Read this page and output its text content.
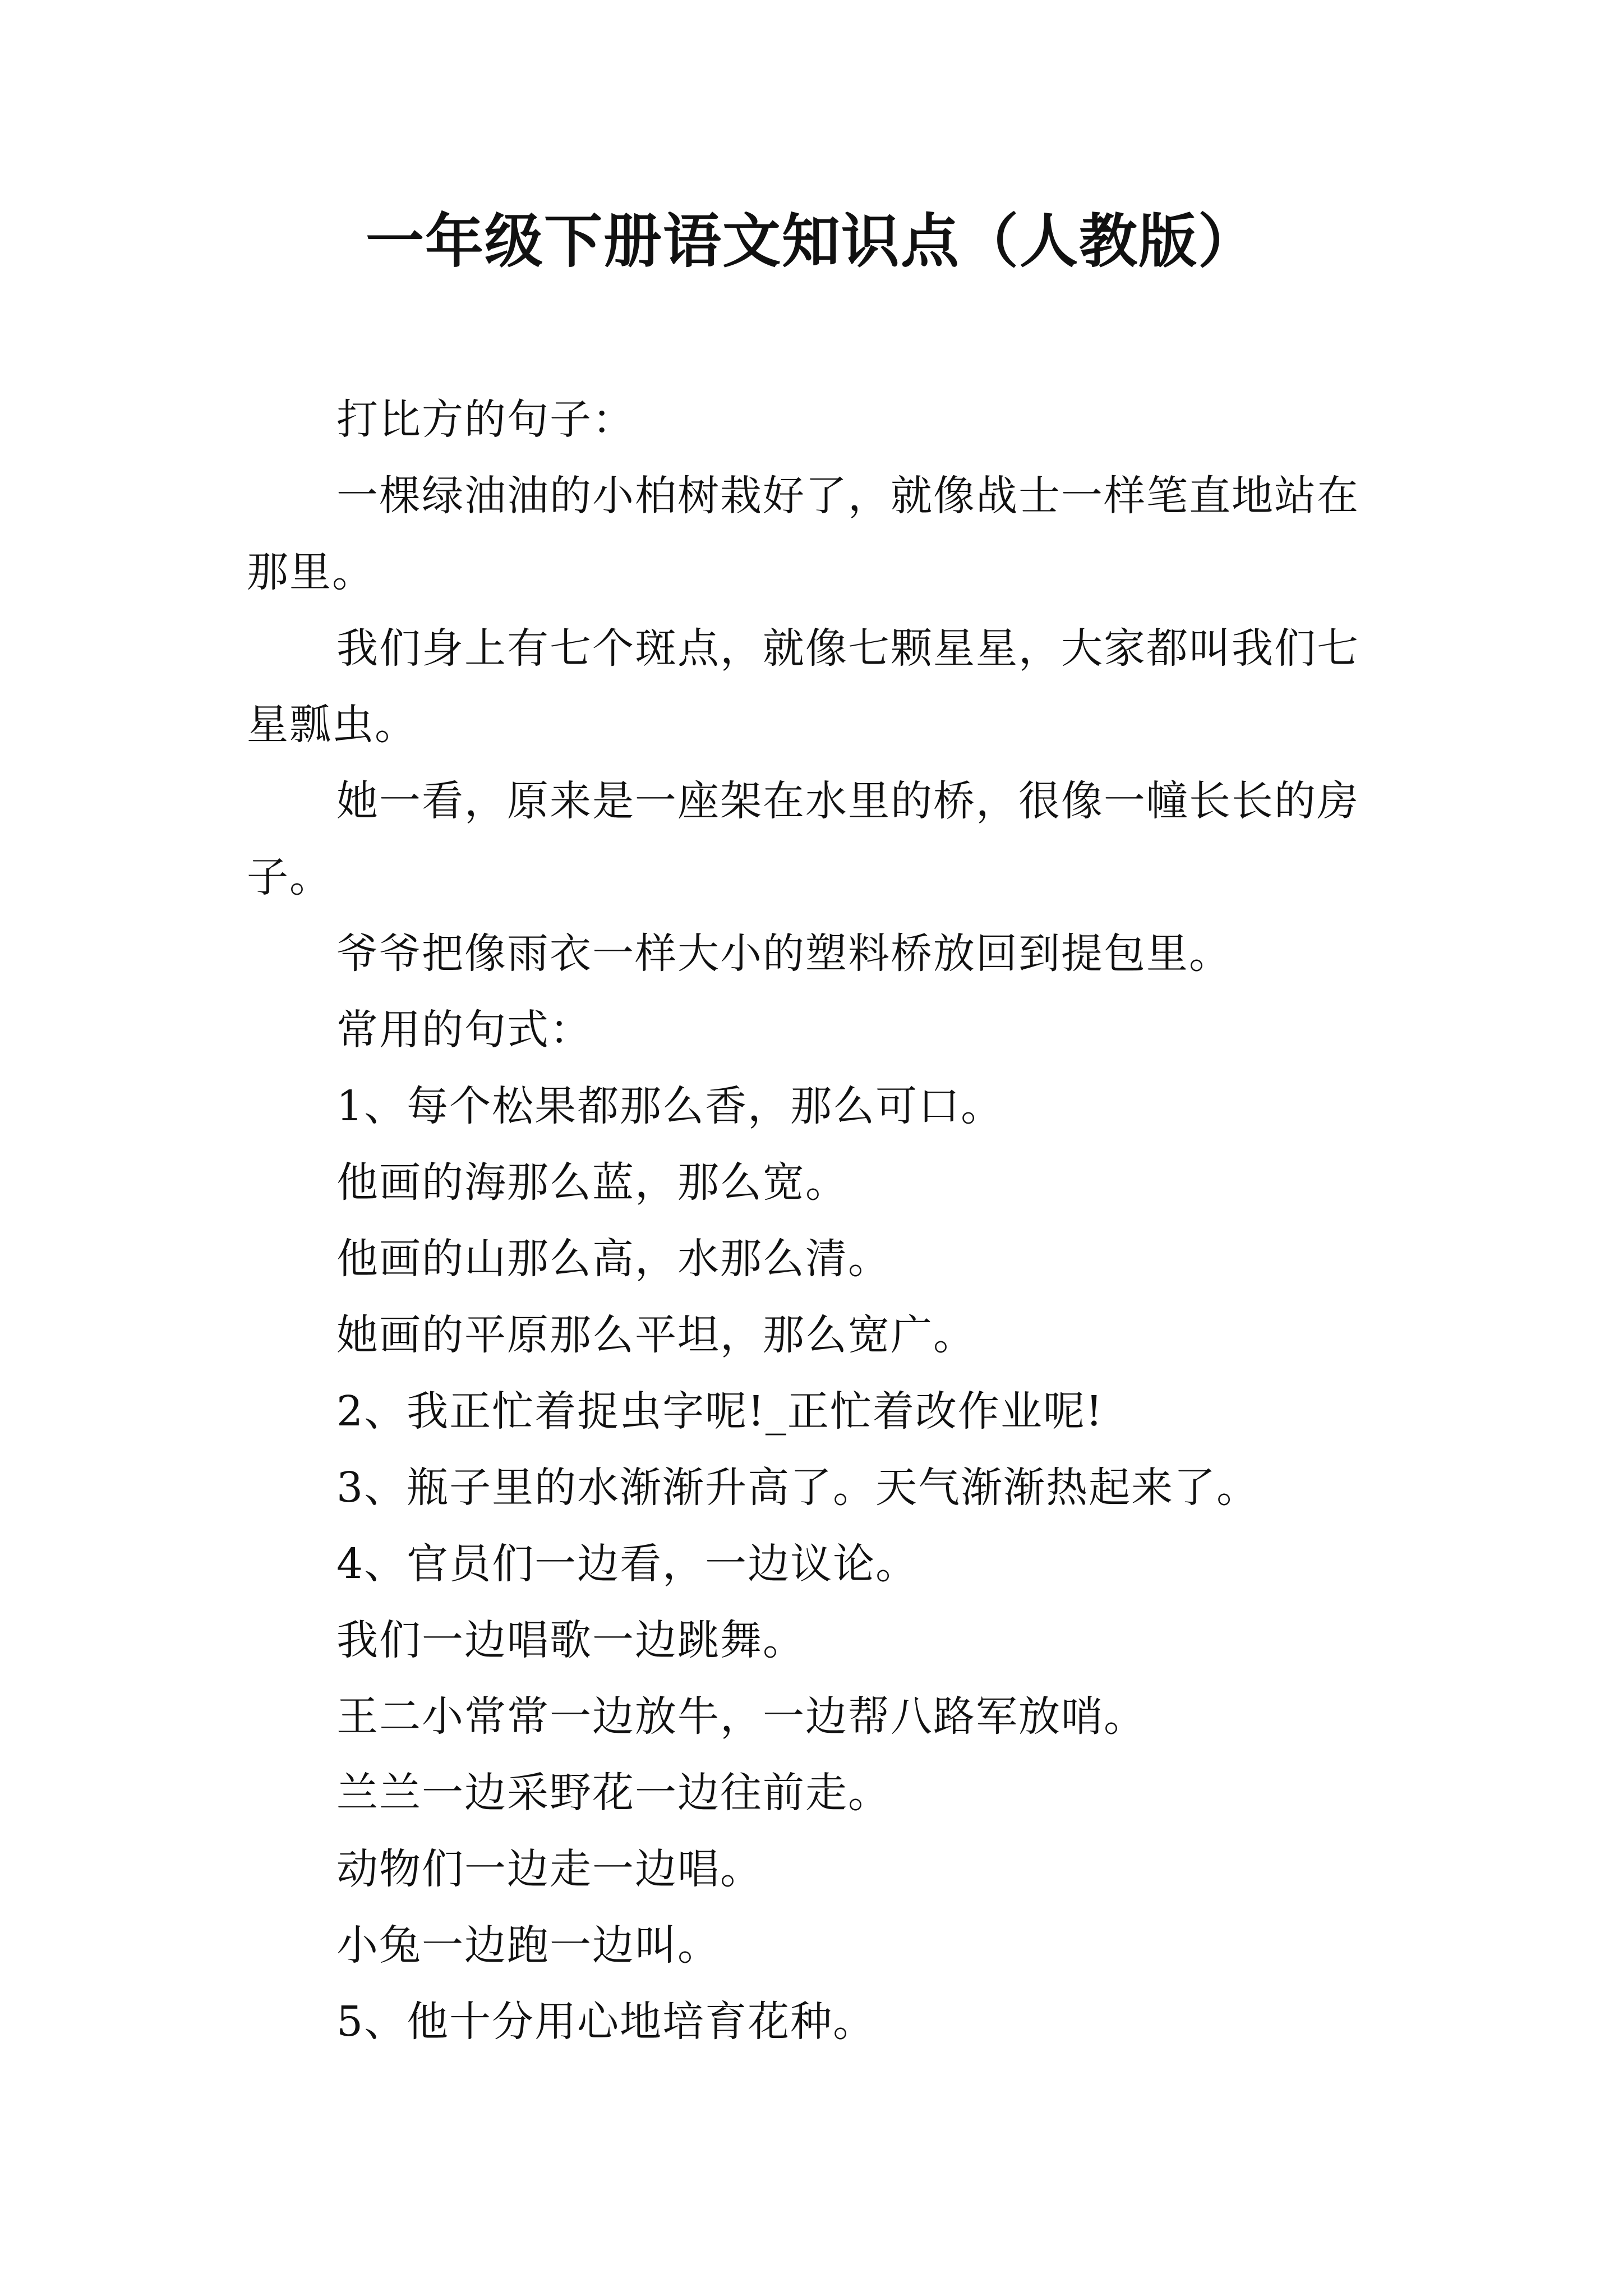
一年级下册语文知识点（人教版）

打比方的句子：

一棵绿油油的小柏树栽好了，就像战士一样笔直地站在那里。

我们身上有七个斑点，就像七颗星星，大家都叫我们七星瓢虫。

她一看，原来是一座架在水里的桥，很像一幢长长的房子。

爷爷把像雨衣一样大小的塑料桥放回到提包里。

常用的句式：

1、每个松果都那么香，那么可口。

他画的海那么蓝，那么宽。

他画的山那么高，水那么清。

她画的平原那么平坦，那么宽广。

2、我正忙着捉虫字呢!_正忙着改作业呢!

3、瓶子里的水渐渐升高了。天气渐渐热起来了。

4、官员们一边看，一边议论。

我们一边唱歌一边跳舞。

王二小常常一边放牛，一边帮八路军放哨。

兰兰一边采野花一边往前走。

动物们一边走一边唱。

小兔一边跑一边叫。

5、他十分用心地培育花种。
